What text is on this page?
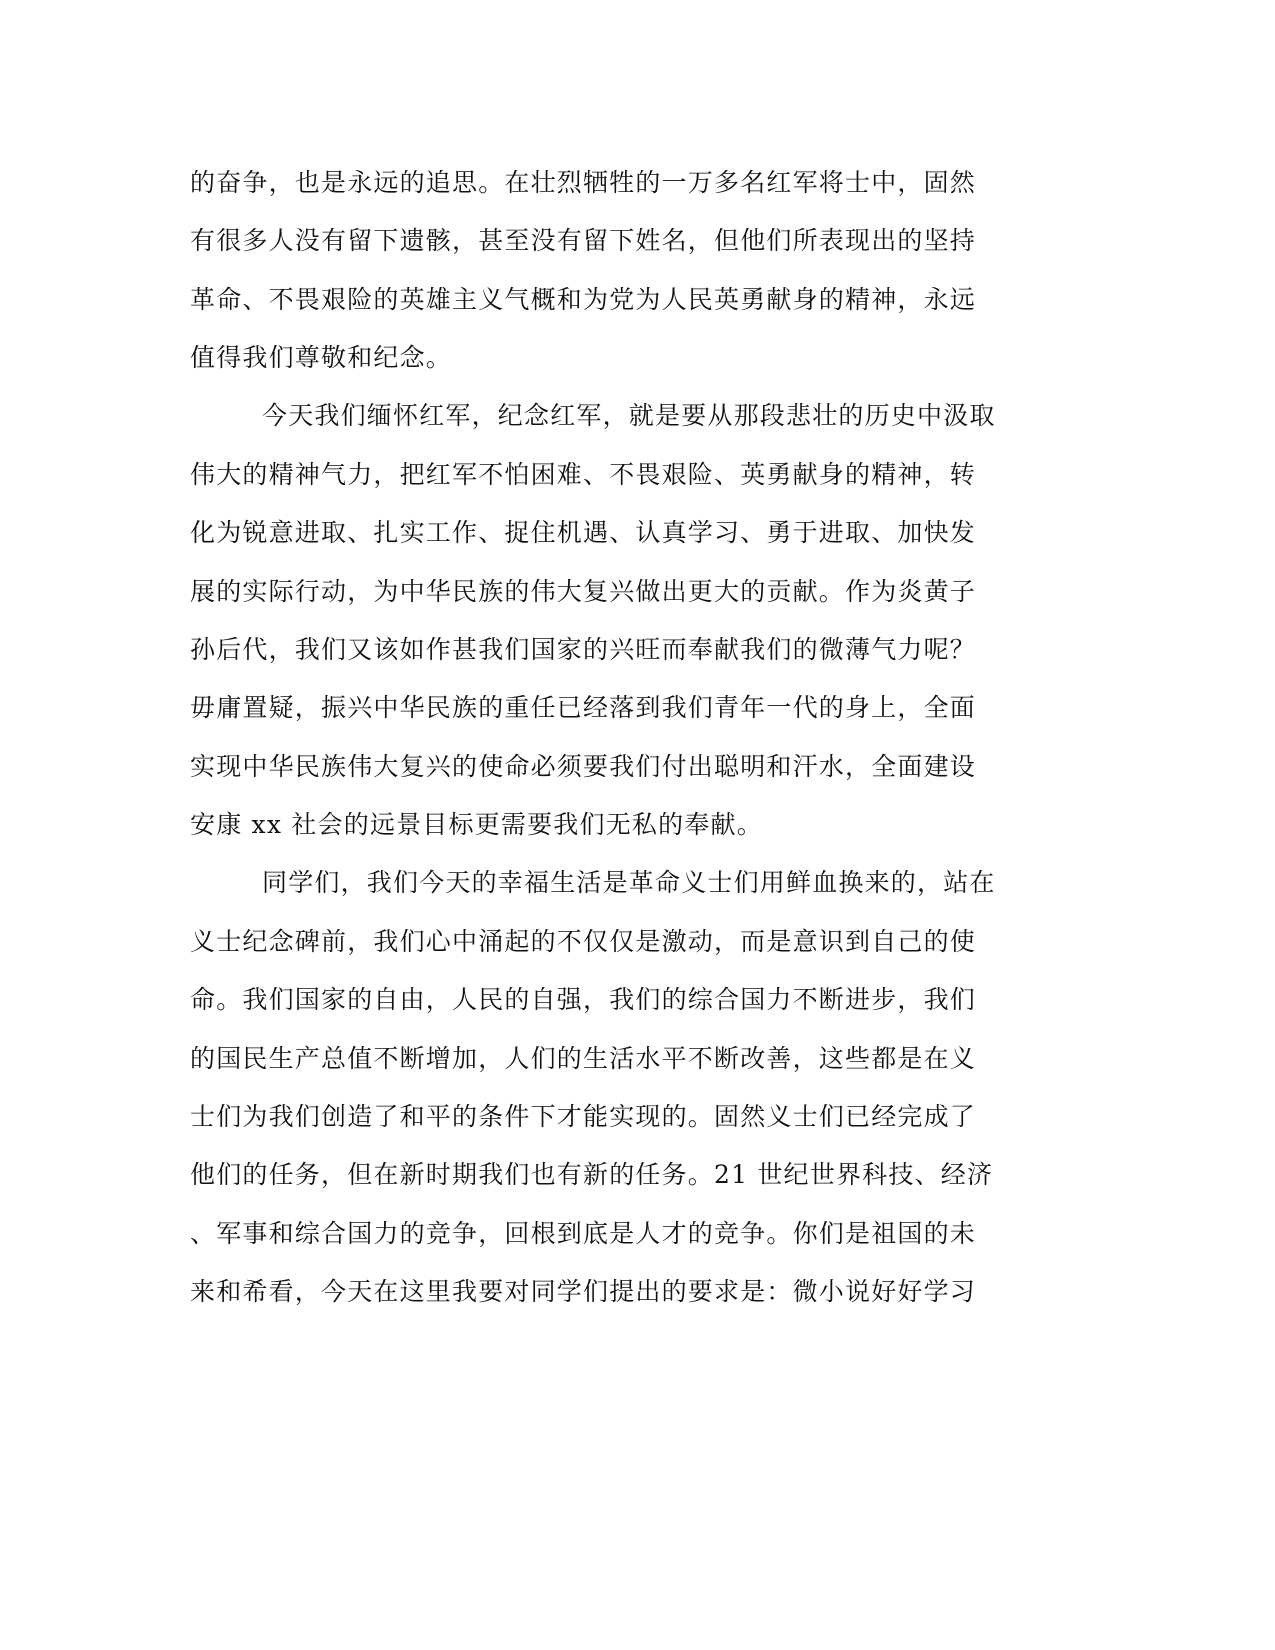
的奋争，也是永远的追思。在壮烈牺牲的一万多名红军将士中，固然
有很多人没有留下遗骸，甚至没有留下姓名，但他们所表现出的坚持
革命、不畏艰险的英雄主义气概和为党为人民英勇献身的精神，永远
值得我们尊敬和纪念。
今天我们缅怀红军，纪念红军，就是要从那段悲壮的历史中汲取
伟大的精神气力，把红军不怕困难、不畏艰险、英勇献身的精神，转
化为锐意进取、扎实工作、捉住机遇、认真学习、勇于进取、加快发
展的实际行动，为中华民族的伟大复兴做出更大的贡献。作为炎黄子
孙后代，我们又该如作甚我们国家的兴旺而奉献我们的微薄气力呢？
毋庸置疑，振兴中华民族的重任已经落到我们青年一代的身上，全面
实现中华民族伟大复兴的使命必须要我们付出聪明和汗水，全面建设
安康 xx 社会的远景目标更需要我们无私的奉献。
同学们，我们今天的幸福生活是革命义士们用鲜血换来的，站在
义士纪念碑前，我们心中涌起的不仅仅是激动，而是意识到自己的使
命。我们国家的自由，人民的自强，我们的综合国力不断进步，我们
的国民生产总值不断增加，人们的生活水平不断改善，这些都是在义
士们为我们创造了和平的条件下才能实现的。固然义士们已经完成了
他们的任务，但在新时期我们也有新的任务。21 世纪世界科技、经济
、军事和综合国力的竞争，回根到底是人才的竞争。你们是祖国的未
来和希看，今天在这里我要对同学们提出的要求是：微小说好好学习
